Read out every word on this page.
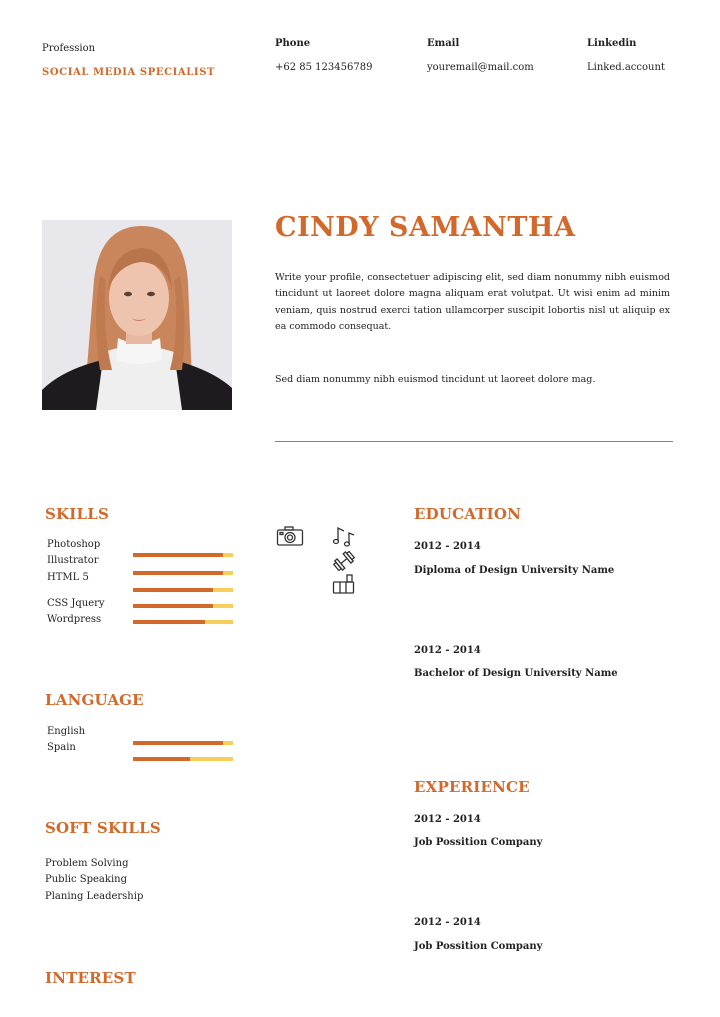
Profession
SOCIAL MEDIA SPECIALIST
Phone
+62 85 123456789
Email
youremail@mail.com
Linkedin
Linked.account
CINDY SAMANTHA
Write your profile, consectetuer adipiscing elit, sed diam nonummy nibh euismod tincidunt ut laoreet dolore magna aliquam erat volutpat. Ut wisi enim ad minim veniam, quis nostrud exerci tation ullamcorper suscipit lobortis nisl ut aliquip ex ea commodo consequat.
Sed diam nonummy nibh euismod tincidunt ut laoreet dolore mag.
SKILLS
Photoshop
Illustrator
HTML 5
CSS Jquery
Wordpress
LANGUAGE
English
Spain
SOFT SKILLS
Problem Solving
Public Speaking
Planing Leadership
INTEREST
EDUCATION
2012 - 2014
Diploma of Design University Name
2012 - 2014
Bachelor of Design University Name
EXPERIENCE
2012 - 2014
Job Possition Company
2012 - 2014
Job Possition Company
